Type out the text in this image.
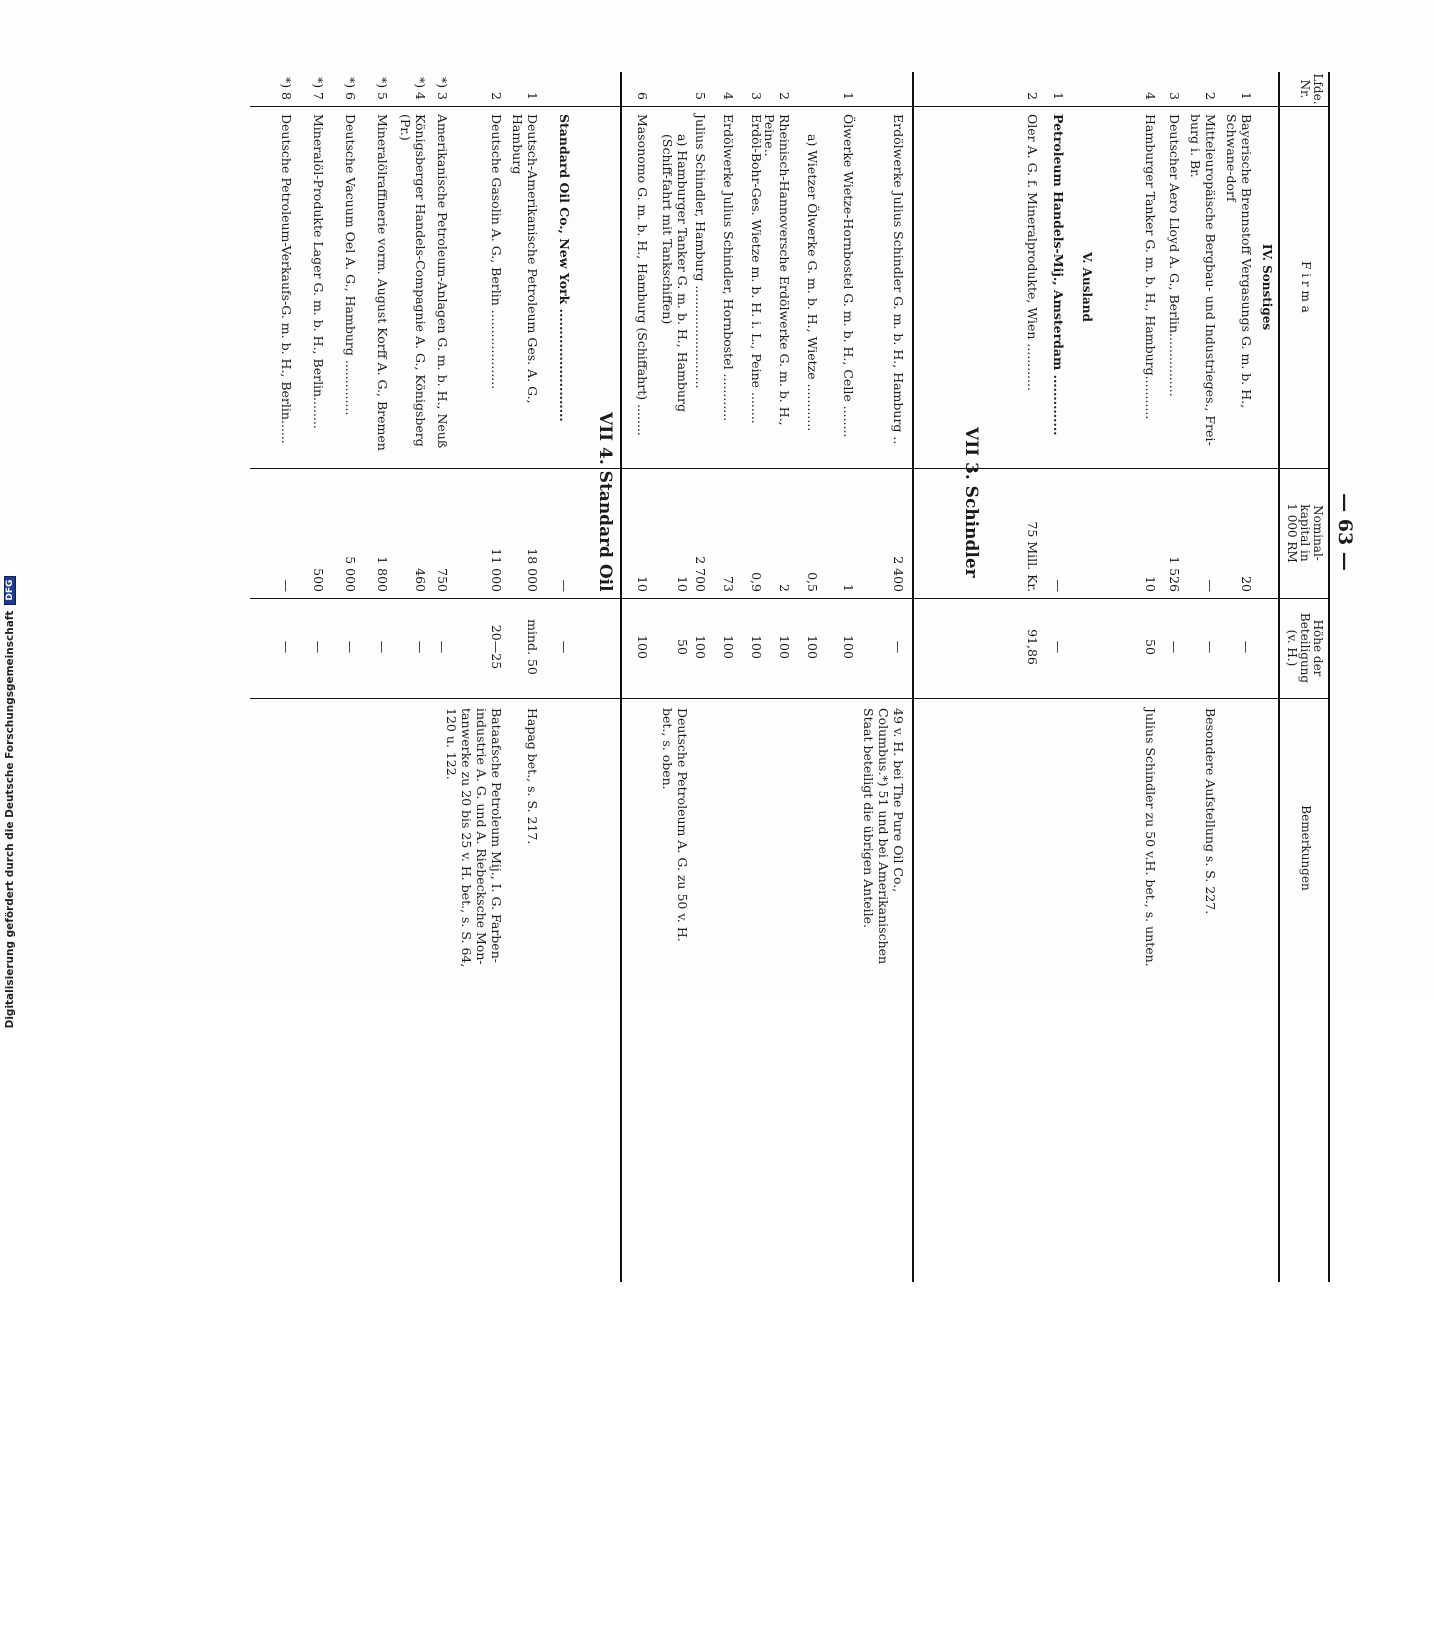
— 63 —
Lfde.
Nr.
F i r m a
Nominal-
kapital in
1 000 RM
Höhe der
Beteiligung
(v. H.)
Bemerkungen
IV. Sonstiges
1
Bayerische Brennstoff Vergasungs G. m. b. H., Schwane-dorf
20
—
2
Mitteleuropäische Bergbau- und Industrieges., Frei-burg i. Br.
—
—
Besondere Aufstellung s. S. 227.
3
Deutscher Aero Lloyd A. G., Berlin................
1 526
—
4
Hamburger Tanker G. m. b. H., Hamburg...........
10
50
Julius Schindler zu 50 v.H. bet., s. unten.
V. Ausland
1
Petroleum Handels-Mij., Amsterdam ..............
—
—
2
Oler A. G. f. Mineralprodukte, Wien ............
75 Mill. Kr.
91,86
VII 3. Schindler
Erdölwerke Julius Schindler G. m. b. H., Hamburg ..
2 400
—
49 v. H. bei The Pure Oil Co., Columbus.*) 51 und bei Amerikanischen Staat beteiligt die übrigen Anteile.
1
Ölwerke Wietze-Hornbostel G. m. b. H., Celle ........
1
100
a) Wietzer Ölwerke G. m. b. H., Wietze ............
0,5
100
2
Rheinisch-Hannoversche Erdölwerke G. m. b. H., Peine..
2
100
3
Erdöl-Bohr-Ges. Wietze m. b. H. i. L., Peine ........
0,9
100
4
Erdölwerke Julius Schindler, Hornbostel ............
73
100
5
Julius Schindler, Hamburg ..........................
2 700
100
a) Hamburger Tanker G. m. b. H., Hamburg (Schiff-fahrt mit Tankschiffen)
10
50
Deutsche Petroleum A. G. zu 50 v. H. bet., s. oben.
6
Masonomo G. m. b. H., Hamburg (Schiffahrt) ........
10
100
VII 4. Standard Oil
Standard Oil Co., New York ..........................
—
—
1
Deutsch-Amerikanische Petroleum Ges. A. G., Hamburg
18 000
mind. 50
Hapag bet., s. S. 217.
2
Deutsche Gasolin A. G., Berlin ....................
11 000
20—25
Bataafsche Petroleum Mij., I. G. Farben-industrie A. G. und A. Riebecksche Mon-tanwerke zu 20 bis 25 v. H. bet., s. S. 64, 120 u. 122.
*) 3
Amerikanische Petroleum-Anlagen G. m. b. H., Neuß
750
—
*) 4
Königsberger Handels-Compagnie A. G., Königsberg (Pr.)
460
—
*) 5
Mineralölraffinerie vorm. August Korff A. G., Bremen
1 800
—
*) 6
Deutsche Vacuum Oel A. G., Hamburg ..............
5 000
—
*) 7
Mineralöl-Produkte Lager G. m. b. H., Berlin........
500
—
*) 8
Deutsche Petroleum-Verkaufs-G. m. b. H., Berlin......
—
—
Digitalisierung gefördert durch die Deutsche Forschungsgemeinschaft
DFG
